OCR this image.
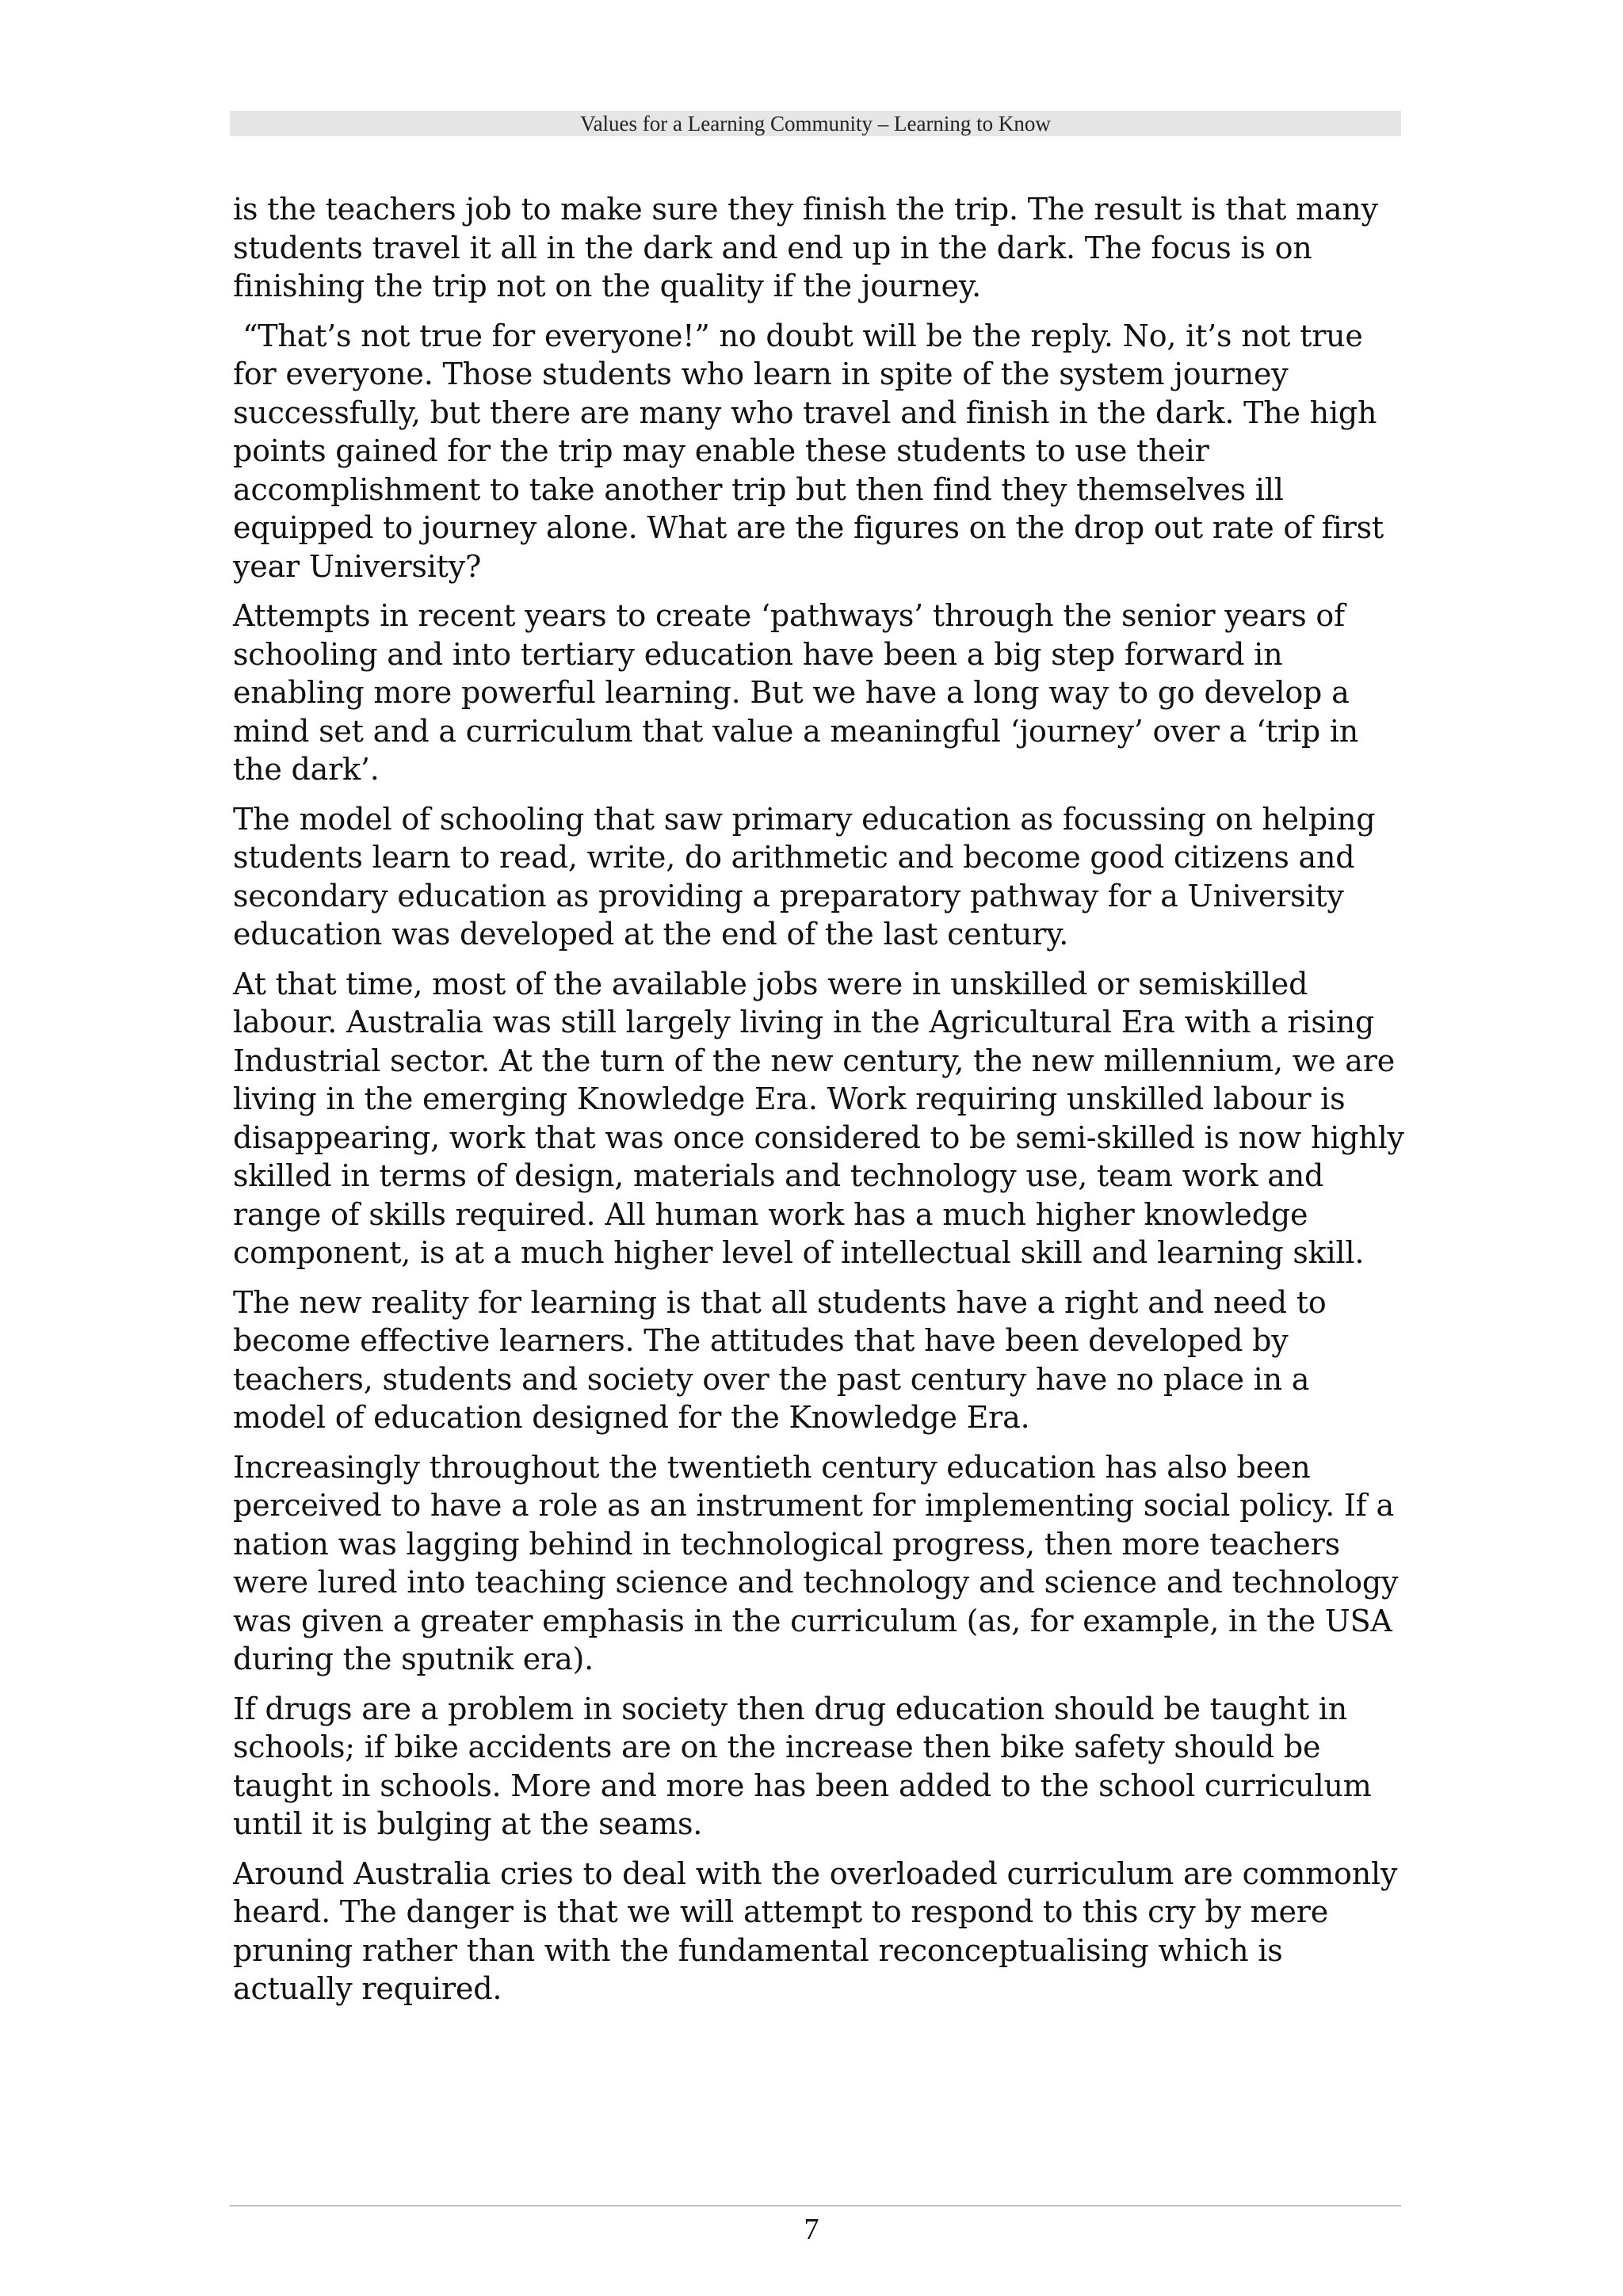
Values for a Learning Community – Learning to Know

is the teachers job to make sure they finish the trip. The result is that many students travel it all in the dark and end up in the dark. The focus is on finishing the trip not on the quality if the journey.

“That’s not true for everyone!” no doubt will be the reply. No, it’s not true for everyone. Those students who learn in spite of the system journey successfully, but there are many who travel and finish in the dark. The high points gained for the trip may enable these students to use their accomplishment to take another trip but then find they themselves ill equipped to journey alone. What are the figures on the drop out rate of first year University?

Attempts in recent years to create ‘pathways’ through the senior years of schooling and into tertiary education have been a big step forward in enabling more powerful learning. But we have a long way to go develop a mind set and a curriculum that value a meaningful ‘journey’ over a ‘trip in the dark’.

The model of schooling that saw primary education as focussing on helping students learn to read, write, do arithmetic and become good citizens and secondary education as providing a preparatory pathway for a University education was developed at the end of the last century.

At that time, most of the available jobs were in unskilled or semiskilled labour. Australia was still largely living in the Agricultural Era with a rising Industrial sector. At the turn of the new century, the new millennium, we are living in the emerging Knowledge Era. Work requiring unskilled labour is disappearing, work that was once considered to be semi-skilled is now highly skilled in terms of design, materials and technology use, team work and range of skills required. All human work has a much higher knowledge component, is at a much higher level of intellectual skill and learning skill.

The new reality for learning is that all students have a right and need to become effective learners. The attitudes that have been developed by teachers, students and society over the past century have no place in a model of education designed for the Knowledge Era.

Increasingly throughout the twentieth century education has also been perceived to have a role as an instrument for implementing social policy. If a nation was lagging behind in technological progress, then more teachers were lured into teaching science and technology and science and technology was given a greater emphasis in the curriculum (as, for example, in the USA during the sputnik era).

If drugs are a problem in society then drug education should be taught in schools; if bike accidents are on the increase then bike safety should be taught in schools. More and more has been added to the school curriculum until it is bulging at the seams.

Around Australia cries to deal with the overloaded curriculum are commonly heard. The danger is that we will attempt to respond to this cry by mere pruning rather than with the fundamental reconceptualising which is actually required.

7
